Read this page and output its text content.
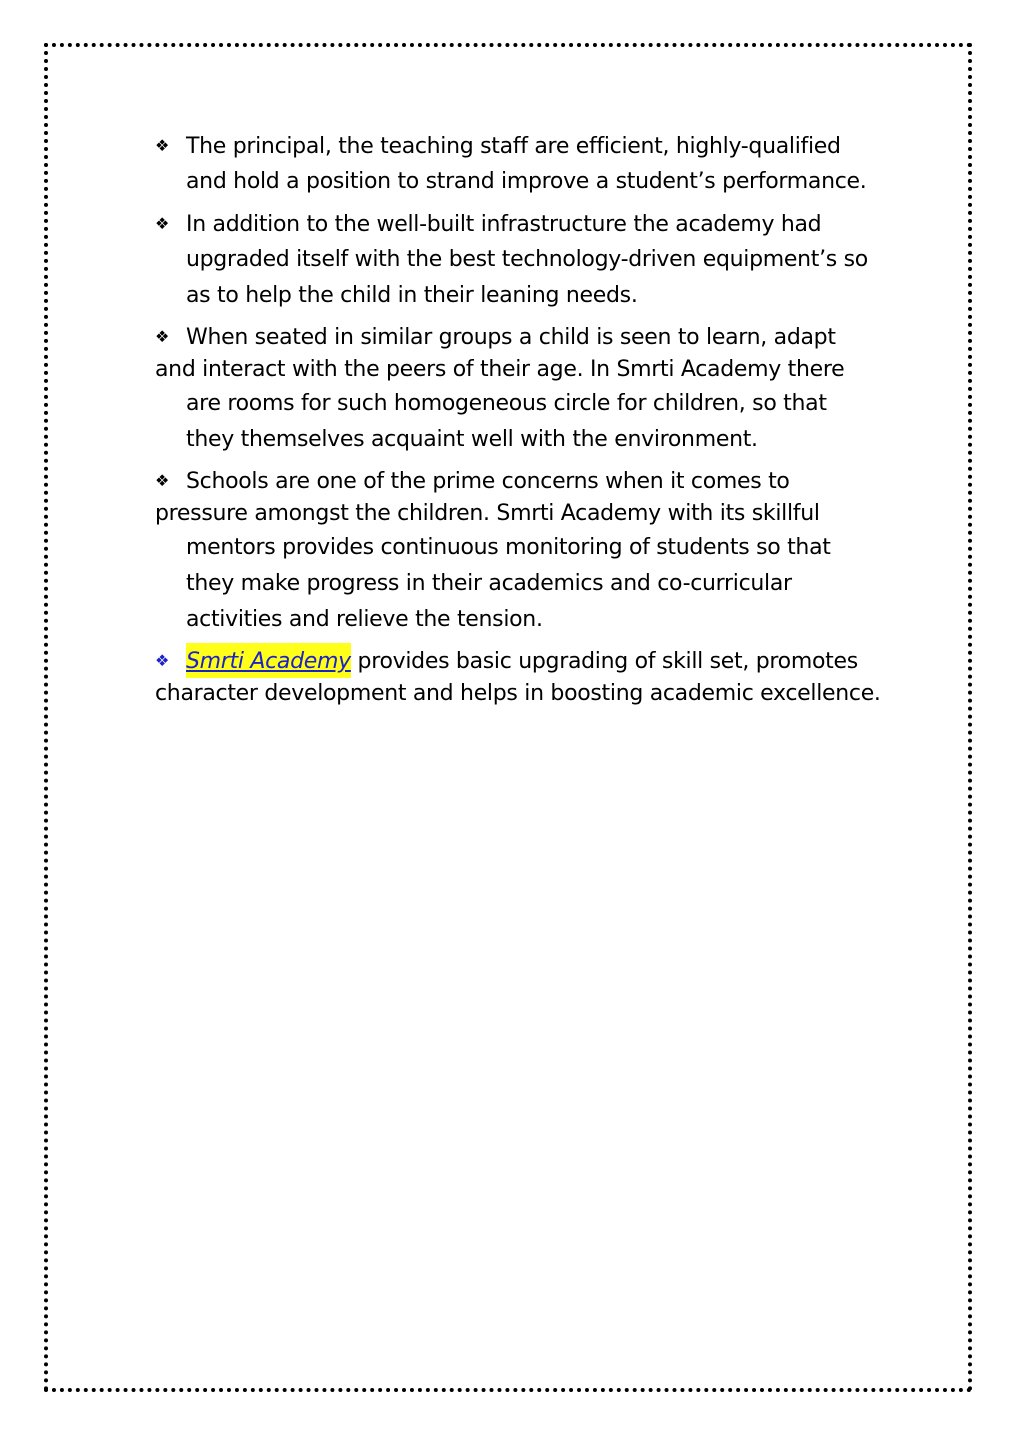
❖ The principal, the teaching staff are efficient, highly-qualified
and hold a position to strand improve a student’s performance.
❖ In addition to the well-built infrastructure the academy had
upgraded itself with the best technology-driven equipment’s so
as to help the child in their leaning needs.
❖ When seated in similar groups a child is seen to learn, adapt
and interact with the peers of their age. In Smrti Academy there
are rooms for such homogeneous circle for children, so that
they themselves acquaint well with the environment.
❖ Schools are one of the prime concerns when it comes to
pressure amongst the children. Smrti Academy with its skillful
mentors provides continuous monitoring of students so that
they make progress in their academics and co-curricular
activities and relieve the tension.
❖ Smrti Academy provides basic upgrading of skill set, promotes
character development and helps in boosting academic excellence.
